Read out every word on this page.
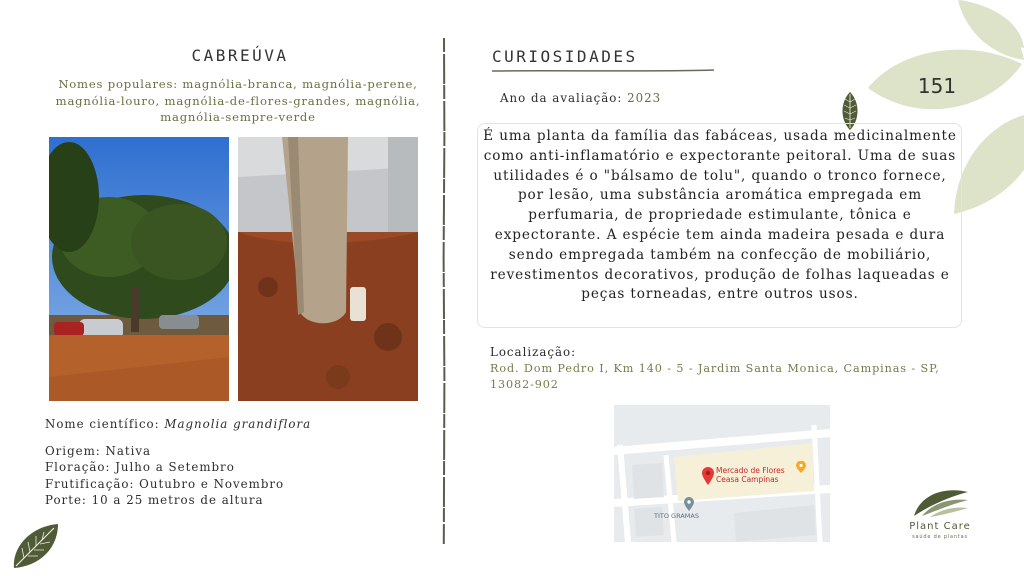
151
CABREÚVA
Nomes populares: magnólia-branca, magnólia-perene, magnólia-louro, magnólia-de-flores-grandes, magnólia, magnólia-sempre-verde
Nome científico: Magnolia grandiflora
Origem: Nativa
Floração: Julho a Setembro
Frutificação: Outubro e Novembro
Porte: 10 a 25 metros de altura
CURIOSIDADES
Ano da avaliação: 2023
É uma planta da família das fabáceas, usada medicinalmente como anti-inflamatório e expectorante peitoral. Uma de suas utilidades é o "bálsamo de tolu", quando o tronco fornece, por lesão, uma substância aromática empregada em perfumaria, de propriedade estimulante, tônica e expectorante. A espécie tem ainda madeira pesada e dura sendo empregada também na confecção de mobiliário, revestimentos decorativos, produção de folhas laqueadas e peças torneadas, entre outros usos.
Localização:
Rod. Dom Pedro I, Km 140 - 5 - Jardim Santa Monica, Campinas - SP, 13082-902
Mercado de Flores Ceasa Campinas
TITO GRAMAS
Plant Care
saúde de plantas
